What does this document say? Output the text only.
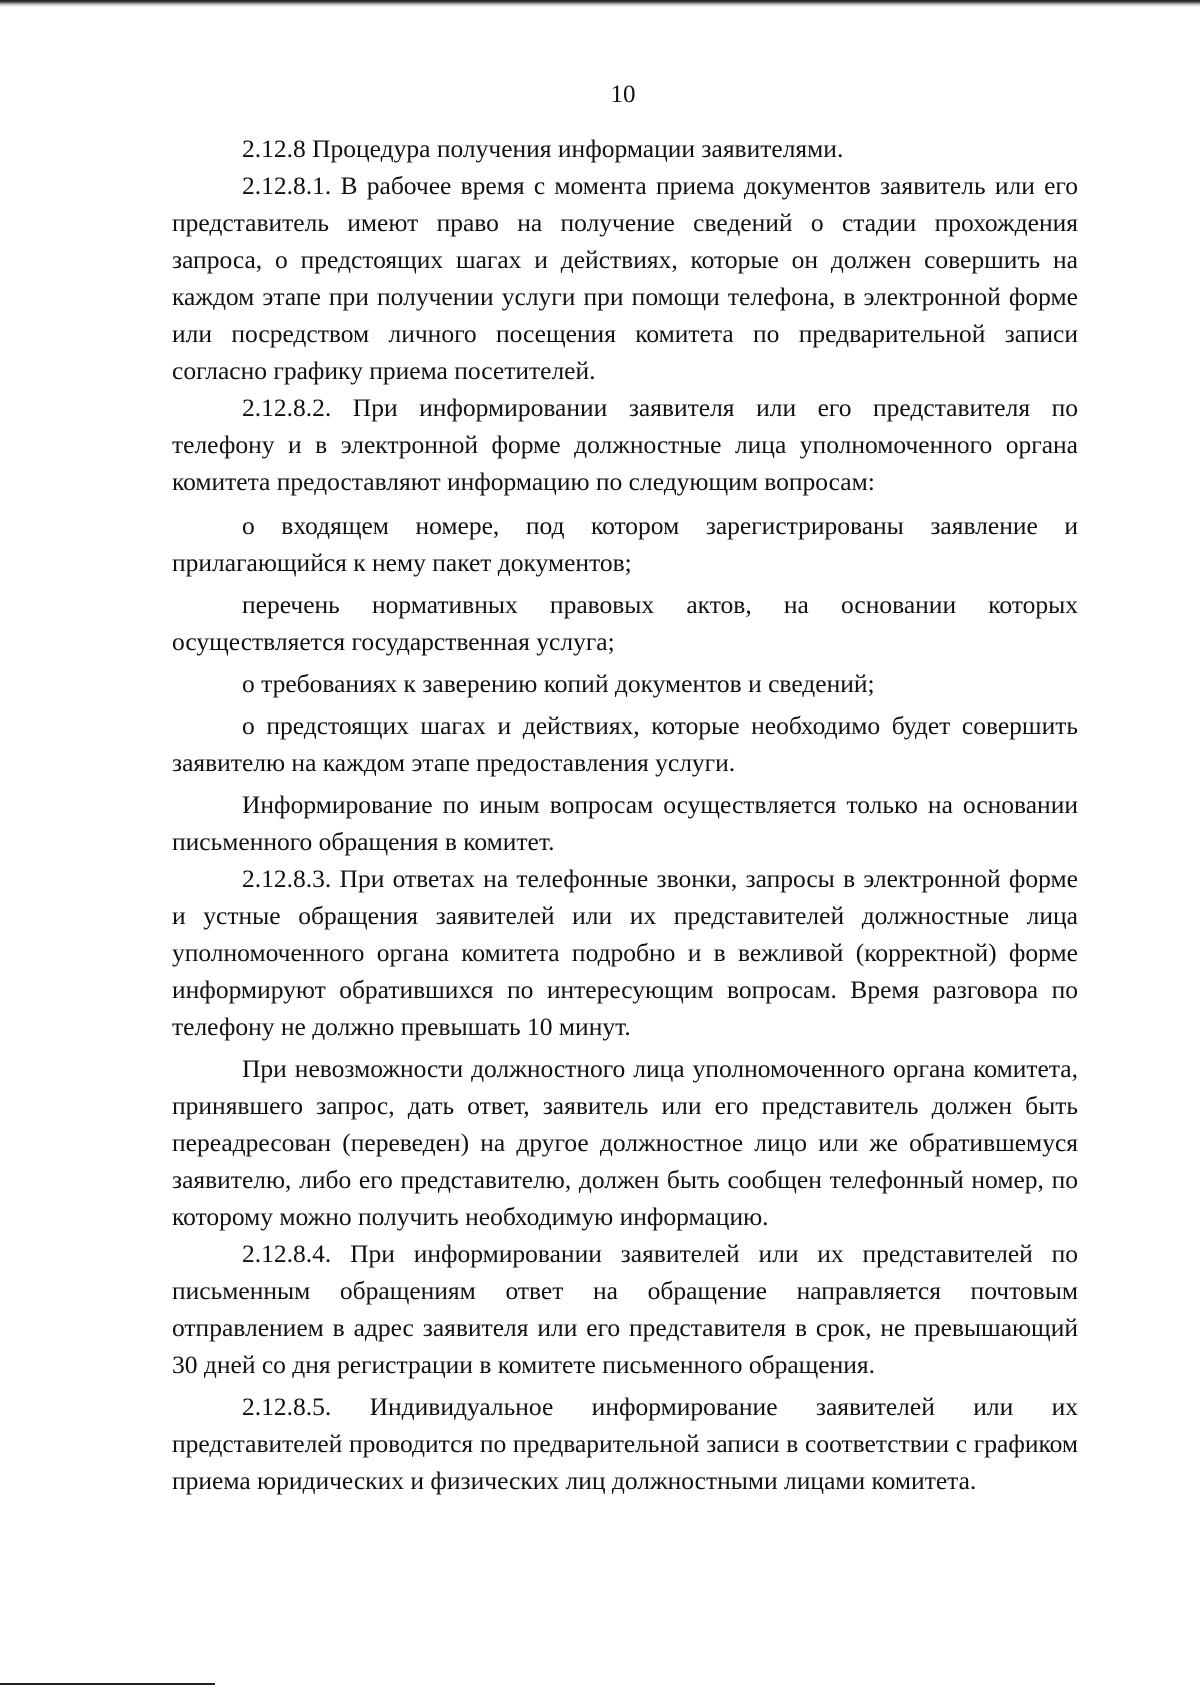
10

2.12.8 Процедура получения информации заявителями.

2.12.8.1. В рабочее время с момента приема документов заявитель или его представитель имеют право на получение сведений о стадии прохождения запроса, о предстоящих шагах и действиях, которые он должен совершить на каждом этапе при получении услуги при помощи телефона, в электронной форме или посредством личного посещения комитета по предварительной записи согласно графику приема посетителей.

2.12.8.2. При информировании заявителя или его представителя по телефону и в электронной форме должностные лица уполномоченного органа комитета предоставляют информацию по следующим вопросам:

о входящем номере, под котором зарегистрированы заявление и прилагающийся к нему пакет документов;

перечень нормативных правовых актов, на основании которых осуществляется государственная услуга;

о требованиях к заверению копий документов и сведений;

о предстоящих шагах и действиях, которые необходимо будет совершить заявителю на каждом этапе предоставления услуги.

Информирование по иным вопросам осуществляется только на основании письменного обращения в комитет.

2.12.8.3. При ответах на телефонные звонки, запросы в электронной форме и устные обращения заявителей или их представителей должностные лица уполномоченного органа комитета подробно и в вежливой (корректной) форме информируют обратившихся по интересующим вопросам. Время разговора по телефону не должно превышать 10 минут.

При невозможности должностного лица уполномоченного органа комитета, принявшего запрос, дать ответ, заявитель или его представитель должен быть переадресован (переведен) на другое должностное лицо или же обратившемуся заявителю, либо его представителю, должен быть сообщен телефонный номер, по которому можно получить необходимую информацию.

2.12.8.4. При информировании заявителей или их представителей по письменным обращениям ответ на обращение направляется почтовым отправлением в адрес заявителя или его представителя в срок, не превышающий 30 дней со дня регистрации в комитете письменного обращения.

2.12.8.5. Индивидуальное информирование заявителей или их представителей проводится по предварительной записи в соответствии с графиком приема юридических и физических лиц должностными лицами комитета.
